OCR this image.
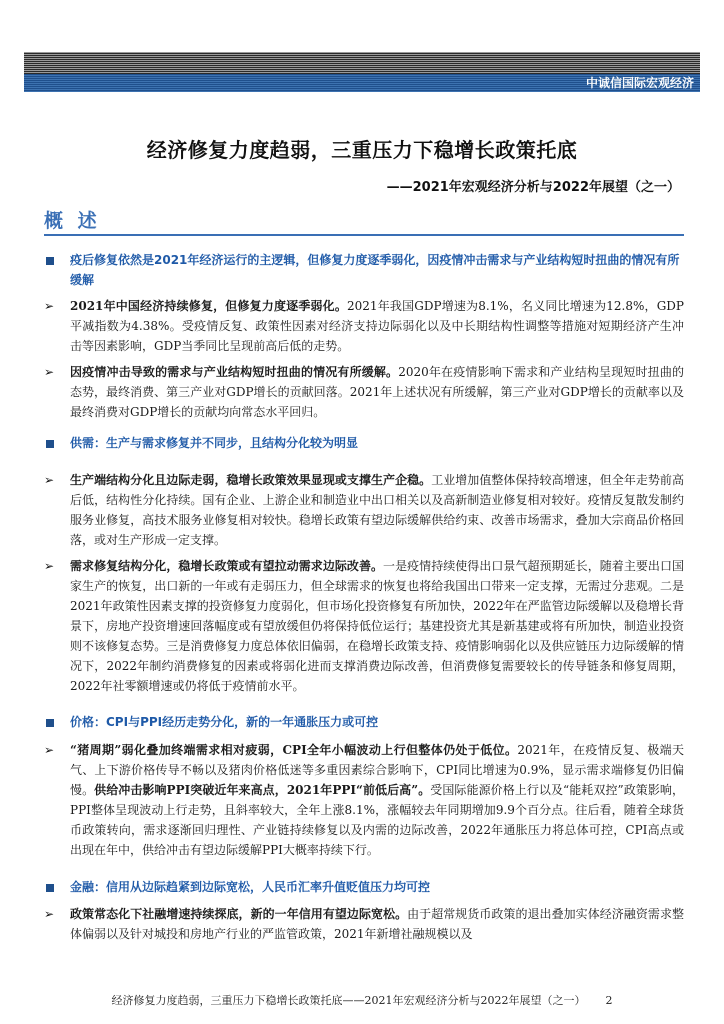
中诚信国际宏观经济
经济修复力度趋弱，三重压力下稳增长政策托底
——2021年宏观经济分析与2022年展望（之一）
概 述
疫后修复依然是2021年经济运行的主逻辑，但修复力度逐季弱化，因疫情冲击需求与产业结构短时扭曲的情况有所缓解
➢	2021年中国经济持续修复，但修复力度逐季弱化。2021年我国GDP增速为8.1%，名义同比增速为12.8%，GDP平减指数为4.38%。受疫情反复、政策性因素对经济支持边际弱化以及中长期结构性调整等措施对短期经济产生冲击等因素影响，GDP当季同比呈现前高后低的走势。
➢	因疫情冲击导致的需求与产业结构短时扭曲的情况有所缓解。2020年在疫情影响下需求和产业结构呈现短时扭曲的态势，最终消费、第三产业对GDP增长的贡献回落。2021年上述状况有所缓解，第三产业对GDP增长的贡献率以及最终消费对GDP增长的贡献均向常态水平回归。
供需：生产与需求修复并不同步，且结构分化较为明显
➢	生产端结构分化且边际走弱，稳增长政策效果显现或支撑生产企稳。工业增加值整体保持较高增速，但全年走势前高后低，结构性分化持续。国有企业、上游企业和制造业中出口相关以及高新制造业修复相对较好。疫情反复散发制约服务业修复，高技术服务业修复相对较快。稳增长政策有望边际缓解供给约束、改善市场需求，叠加大宗商品价格回落，或对生产形成一定支撑。
➢	需求修复结构分化，稳增长政策或有望拉动需求边际改善。一是疫情持续使得出口景气超预期延长，随着主要出口国家生产的恢复，出口新的一年或有走弱压力，但全球需求的恢复也将给我国出口带来一定支撑，无需过分悲观。二是2021年政策性因素支撑的投资修复力度弱化，但市场化投资修复有所加快，2022年在严监管边际缓解以及稳增长背景下，房地产投资增速回落幅度或有望放缓但仍将保持低位运行；基建投资尤其是新基建或将有所加快，制造业投资则不该修复态势。三是消费修复力度总体依旧偏弱，在稳增长政策支持、疫情影响弱化以及供应链压力边际缓解的情况下，2022年制约消费修复的因素或将弱化进而支撑消费边际改善，但消费修复需要较长的传导链条和修复周期，2022年社零额增速或仍将低于疫情前水平。
价格：CPI与PPI经历走势分化，新的一年通胀压力或可控
➢	“猪周期”弱化叠加终端需求相对疲弱，CPI全年小幅波动上行但整体仍处于低位。2021年，在疫情反复、极端天气、上下游价格传导不畅以及猪肉价格低迷等多重因素综合影响下，CPI同比增速为0.9%，显示需求端修复仍旧偏慢。供给冲击影响PPI突破近年来高点，2021年PPI“前低后高”。受国际能源价格上行以及“能耗双控”政策影响，PPI整体呈现波动上行走势，且斜率较大，全年上涨8.1%，涨幅较去年同期增加9.9个百分点。往后看，随着全球货币政策转向，需求逐渐回归理性、产业链持续修复以及内需的边际改善，2022年通胀压力将总体可控，CPI高点或出现在年中，供给冲击有望边际缓解PPI大概率持续下行。
金融：信用从边际趋紧到边际宽松，人民币汇率升值贬值压力均可控
➢	政策常态化下社融增速持续探底，新的一年信用有望边际宽松。由于超常规货币政策的退出叠加实体经济融资需求整体偏弱以及针对城投和房地产行业的严监管政策，2021年新增社融规模以及
经济修复力度趋弱，三重压力下稳增长政策托底——2021年宏观经济分析与2022年展望（之一） 2
